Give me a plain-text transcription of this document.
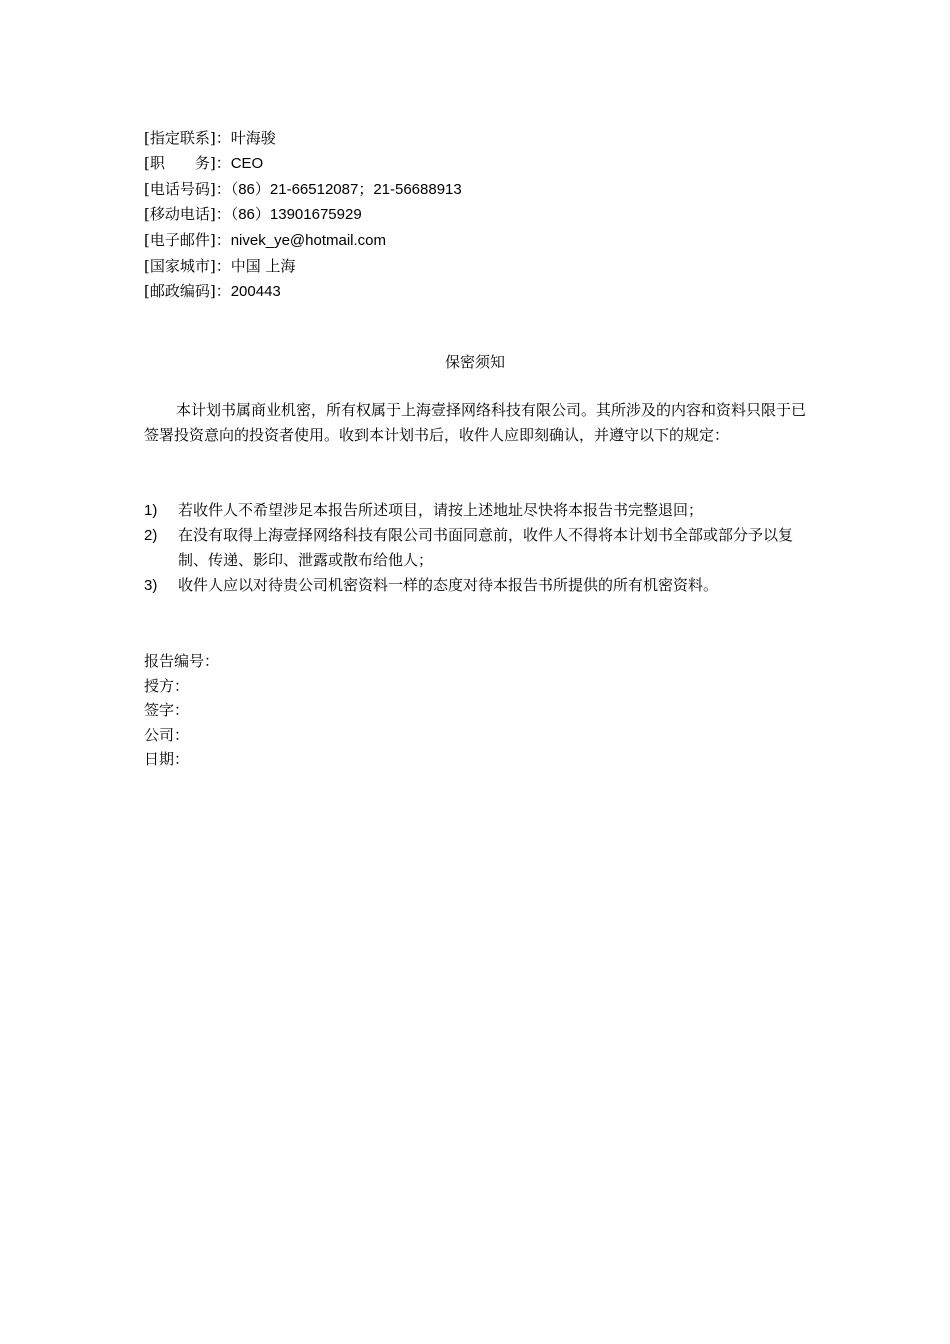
[指定联系]：叶海骏
[职　　务]：CEO
[电话号码]：（86）21-66512087；21-56688913
[移动电话]：（86）13901675929
[电子邮件]：nivek_ye@hotmail.com
[国家城市]：中国 上海
[邮政编码]：200443
保密须知
本计划书属商业机密，所有权属于上海壹择网络科技有限公司。其所涉及的内容和资料只限于已签署投资意向的投资者使用。收到本计划书后，收件人应即刻确认，并遵守以下的规定：
1) 若收件人不希望涉足本报告所述项目，请按上述地址尽快将本报告书完整退回；
2) 在没有取得上海壹择网络科技有限公司书面同意前，收件人不得将本计划书全部或部分予以复制、传递、影印、泄露或散布给他人；
3) 收件人应以对待贵公司机密资料一样的态度对待本报告书所提供的所有机密资料。
报告编号：
授方：
签字：
公司：
日期：
